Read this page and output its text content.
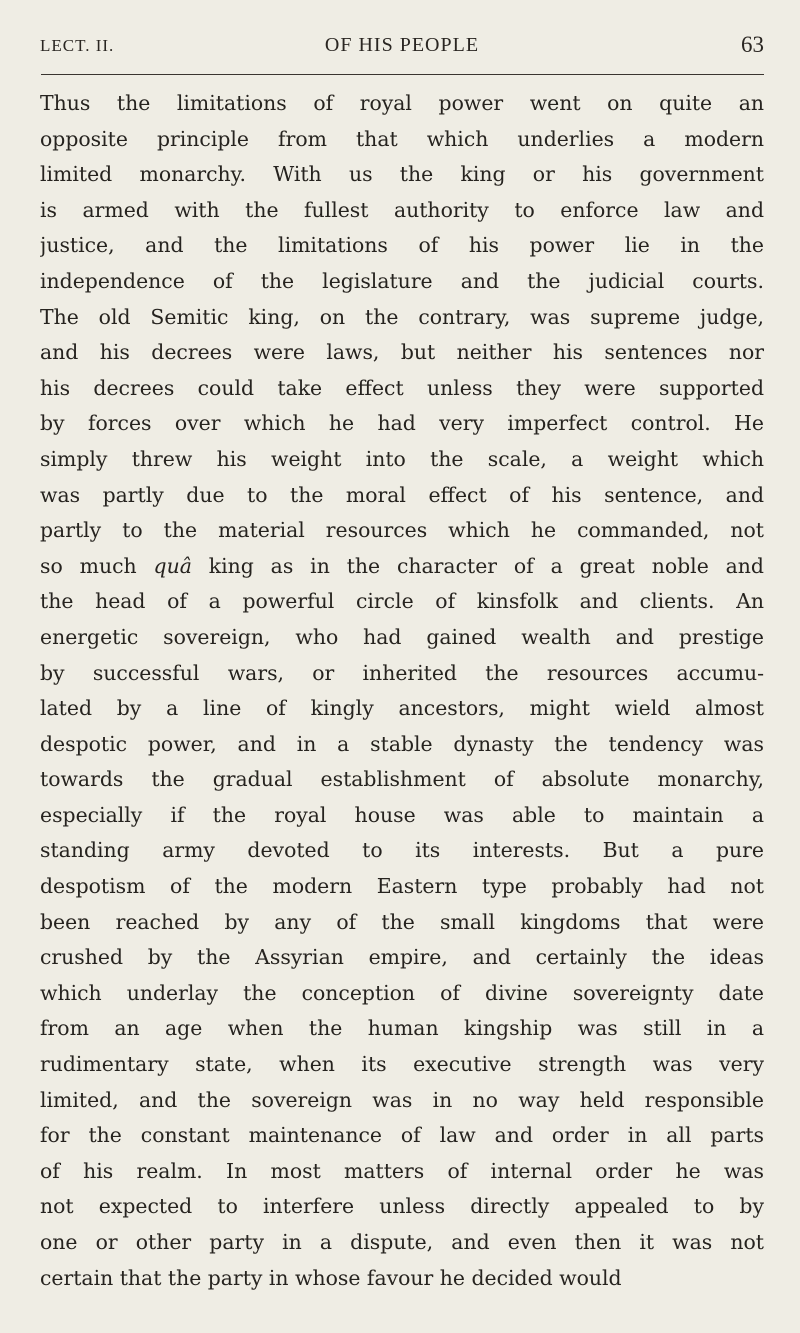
LECT. II.	OF HIS PEOPLE	63
Thus the limitations of royal power went on quite an
opposite principle from that which underlies a modern
limited monarchy. With us the king or his government
is armed with the fullest authority to enforce law and
justice, and the limitations of his power lie in the
independence of the legislature and the judicial courts.
The old Semitic king, on the contrary, was supreme judge,
and his decrees were laws, but neither his sentences nor
his decrees could take effect unless they were supported
by forces over which he had very imperfect control. He
simply threw his weight into the scale, a weight which
was partly due to the moral effect of his sentence, and
partly to the material resources which he commanded, not
so much quâ king as in the character of a great noble and
the head of a powerful circle of kinsfolk and clients. An
energetic sovereign, who had gained wealth and prestige
by successful wars, or inherited the resources accumu-
lated by a line of kingly ancestors, might wield almost
despotic power, and in a stable dynasty the tendency was
towards the gradual establishment of absolute monarchy,
especially if the royal house was able to maintain a
standing army devoted to its interests. But a pure
despotism of the modern Eastern type probably had not
been reached by any of the small kingdoms that were
crushed by the Assyrian empire, and certainly the ideas
which underlay the conception of divine sovereignty date
from an age when the human kingship was still in a
rudimentary state, when its executive strength was very
limited, and the sovereign was in no way held responsible
for the constant maintenance of law and order in all parts
of his realm. In most matters of internal order he was
not expected to interfere unless directly appealed to by
one or other party in a dispute, and even then it was not
certain that the party in whose favour he decided would
